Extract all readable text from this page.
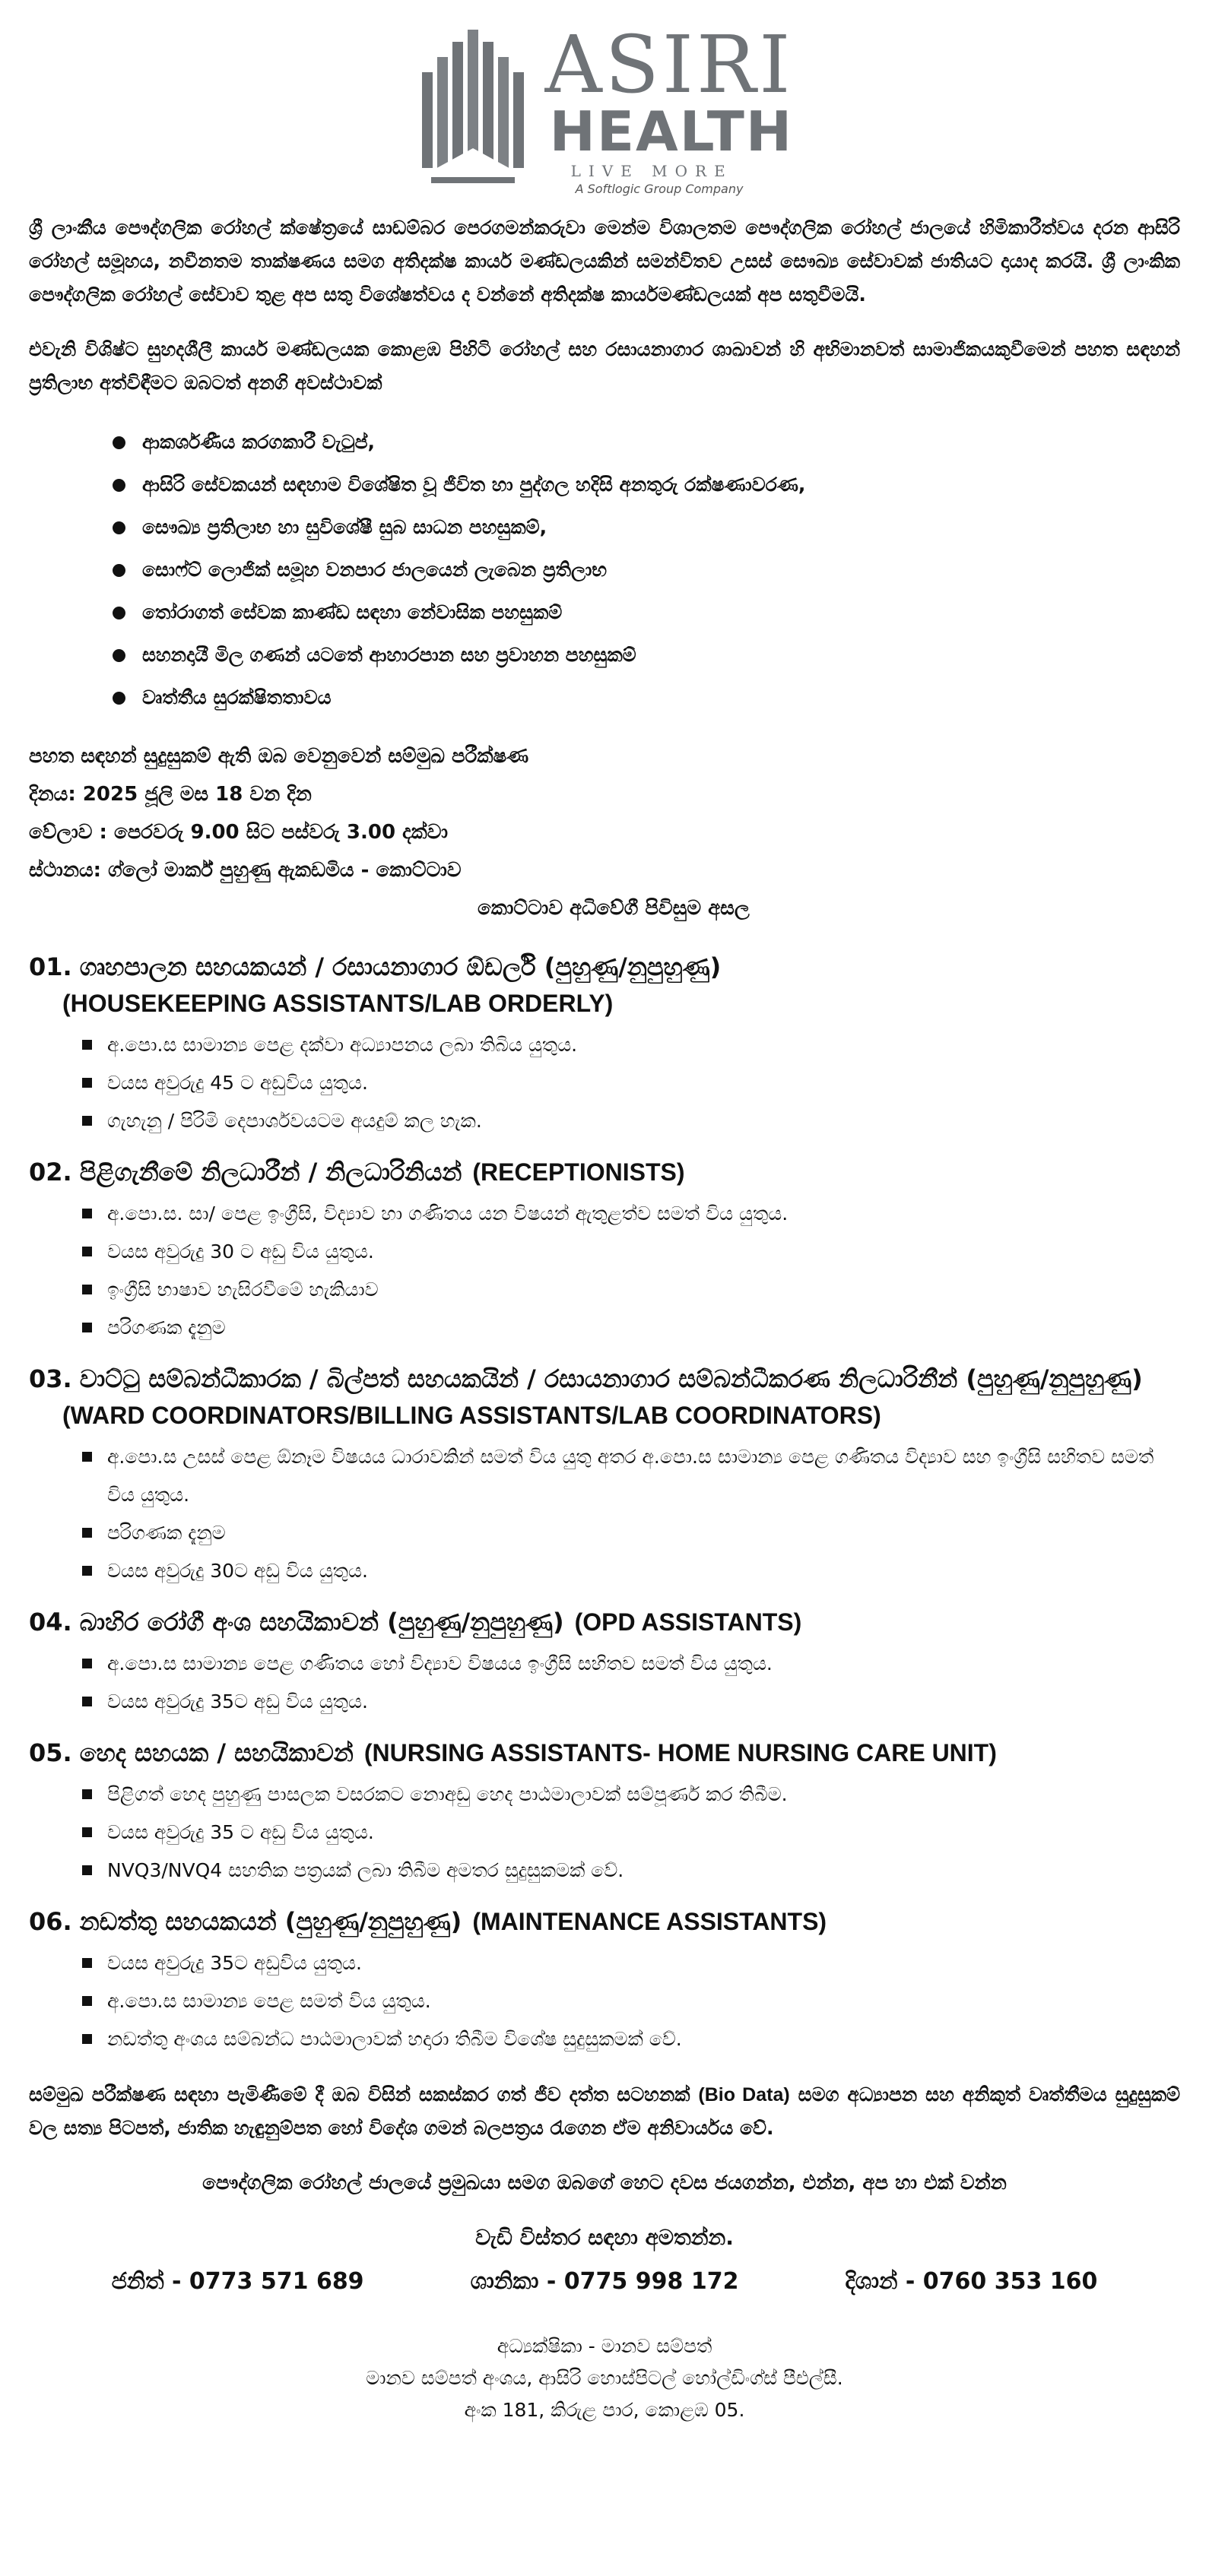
ASIRI
HEALTH
LIVE MORE
A Softlogic Group Company

ශ්‍රී ලාංකීය පෞද්ගලික රෝහල් ක්ෂේත්‍රයේ සාඩම්බර පෙරගමන්කරුවා මෙන්ම විශාලතම පෞද්ගලික රෝහල් ජාලයේ හිමිකාරීත්වය දරන ආසිරි රෝහල් සමූහය, නවීනතම තාක්ෂණය සමග අතිදක්ෂ කාර්ය මණ්ඩලයකින් සමන්විතව උසස් සෞඛ්‍ය සේවාවක් ජාතියට දායාද කරයි. ශ්‍රී ලාංකික පෞද්ගලික රෝහල් සේවාව තුළ අප සතු විශේෂත්වය ද වන්නේ අතිදක්ෂ කාර්යමණ්ඩලයක් අප සතුවීමයි.

එවැනි විශිෂ්ට සුහදශීලී කාර්ය මණ්ඩලයක කොළඹ පිහිටි රෝහල් සහ රසායනාගාර ශාඛාවන් හි අභිමානවත් සාමාජිකයකුවීමෙන් පහත සඳහන් ප්‍රතිලාභ අත්විඳීමට ඔබටත් අනගි අවස්ථාවක්

ආකර්ශණීය කරගකාරී වැටුප්,
ආසිරි සේවකයන් සඳහාම විශේෂිත වූ ජීවිත හා පුද්ගල හදිසි අනතුරු රක්ෂණාවරණ,
සෞඛ්‍ය ප්‍රතිලාභ හා සුවිශේෂී සුබ සාධන පහසුකම්,
සොෆ්ට් ලොජික් සමූහ වනපාර ජාලයෙන් ලැබෙන ප්‍රතිලාභ
තෝරාගත් සේවක කාණ්ඩ සඳහා නේවාසික පහසුකම්
සහනදායී මිල ගණන් යටතේ ආහාරපාන සහ ප්‍රවාහන පහසුකම්
වෘත්තීය සුරක්ෂිතතාවය
පහත සඳහන් සුදුසුකම් ඇති ඔබ වෙනුවෙන් සම්මුඛ පරීක්ෂණ
දිනය: 2025 ජූලි මස 18 වන දින
වේලාව : පෙරවරු 9.00 සිට පස්වරු 3.00 දක්වා
ස්ථානය: ග්ලෝ මාර්ක් පුහුණු ඇකඩමිය - කොට්ටාව
කොට්ටාව අධිවේගී පිවිසුම අසල
01. ගෘහපාලන සහයකයන් / රසායනාගාර ඕඩර්ලි (පුහුණු/නුපුහුණු)
(HOUSEKEEPING ASSISTANTS/LAB ORDERLY)
අ.පො.ස සාමාන්‍ය පෙළ දක්වා අධ්‍යාපනය ලබා තිබිය යුතුය.
වයස අවුරුදු 45 ට අඩුවිය යුතුය.
ගැහැනු / පිරිමි දෙපාර්ශවයටම අයදුම් කල හැක.
02. පිළිගැනීමේ නිලධාරීන් / නිලධාරිනියන් (RECEPTIONISTS)
අ.පො.ස. සා/ පෙළ ඉංග්‍රීසි, විද්‍යාව හා ගණිතය යන විෂයන් ඇතුළත්ව සමත් විය යුතුය.
වයස අවුරුදු 30 ට අඩු විය යුතුය.
ඉංග්‍රීසි භාෂාව හැසිරවීමේ හැකියාව
පරිගණක දැනුම
03. වාට්ටු සම්බන්ධීකාරක / බිල්පත් සහයකයින් / රසායනාගාර සම්බන්ධීකරණ නිලධාරිනීන් (පුහුණු/නුපුහුණු)
(WARD COORDINATORS/BILLING ASSISTANTS/LAB COORDINATORS)
අ.පො.ස උසස් පෙළ ඕනෑම විෂයය ධාරාවකින් සමත් විය යුතු අතර අ.පො.ස සාමාන්‍ය පෙළ ගණිතය විද්‍යාව සහ ඉංග්‍රීසි සහිතව සමත් විය යුතුය.
පරිගණක දැනුම
වයස අවුරුදු 30ට අඩු විය යුතුය.
04. බාහිර රෝගී අංශ සහයිකාවන් (පුහුණු/නුපුහුණු) (OPD ASSISTANTS)
අ.පො.ස සාමාන්‍ය පෙළ ගණිතය හෝ විද්‍යාව විෂයය ඉංග්‍රීසි සහිතව සමත් විය යුතුය.
වයස අවුරුදු 35ට අඩු විය යුතුය.
05. හෙද සහයක / සහයිකාවන් (NURSING ASSISTANTS- HOME NURSING CARE UNIT)
පිළිගත් හෙද පුහුණු පාසලක වසරකට නොඅඩු හෙද පාඨමාලාවක් සම්පූර්ණ කර තිබීම.
වයස අවුරුදු 35 ට අඩු විය යුතුය.
NVQ3/NVQ4 සහතික පත්‍රයක් ලබා තිබීම අමතර සුදුසුකමක් වේ.
06. නඩත්තු සහයකයන් (පුහුණු/නුපුහුණු) (MAINTENANCE ASSISTANTS)
වයස අවුරුදු 35ට අඩුවිය යුතුය.
අ.පො.ස සාමාන්‍ය පෙළ සමත් විය යුතුය.
නඩත්තු අංශය සම්බන්ධ පාඨමාලාවක් හදාරා තිබීම විශේෂ සුදුසුකමක් වේ.

සම්මුඛ පරීක්ෂණ සඳහා පැමිණීමේ දී ඔබ විසින් සකස්කර ගත් ජීව දත්ත සටහනක් (Bio Data) සමග අධ්‍යාපන සහ අනිකුත් වෘත්තීමය සුදුසුකම් වල සත්‍ය පිටපත්, ජාතික හැඳුනුම්පත හෝ විදේශ ගමන් බලපත්‍රය රැගෙන ඒම අනිවාර්යය වේ.

පෞද්ගලික රෝහල් ජාලයේ ප්‍රමුඛයා සමග ඔබගේ හෙට දවස ජයගන්න, එන්න, අප හා එක් වන්න
වැඩි විස්තර සඳහා අමතන්න.
ජනිත් - 0773 571 689	ශානිකා - 0775 998 172	දිශාන් - 0760 353 160
අධ්‍යක්ෂිකා - මානව සම්පත්
මානව සම්පත් අංශය, ආසිරි හොස්පිටල් හෝල්ඩිංග්ස් පීඑල්සී.
අංක 181, කිරුළ පාර, කොළඹ 05.
